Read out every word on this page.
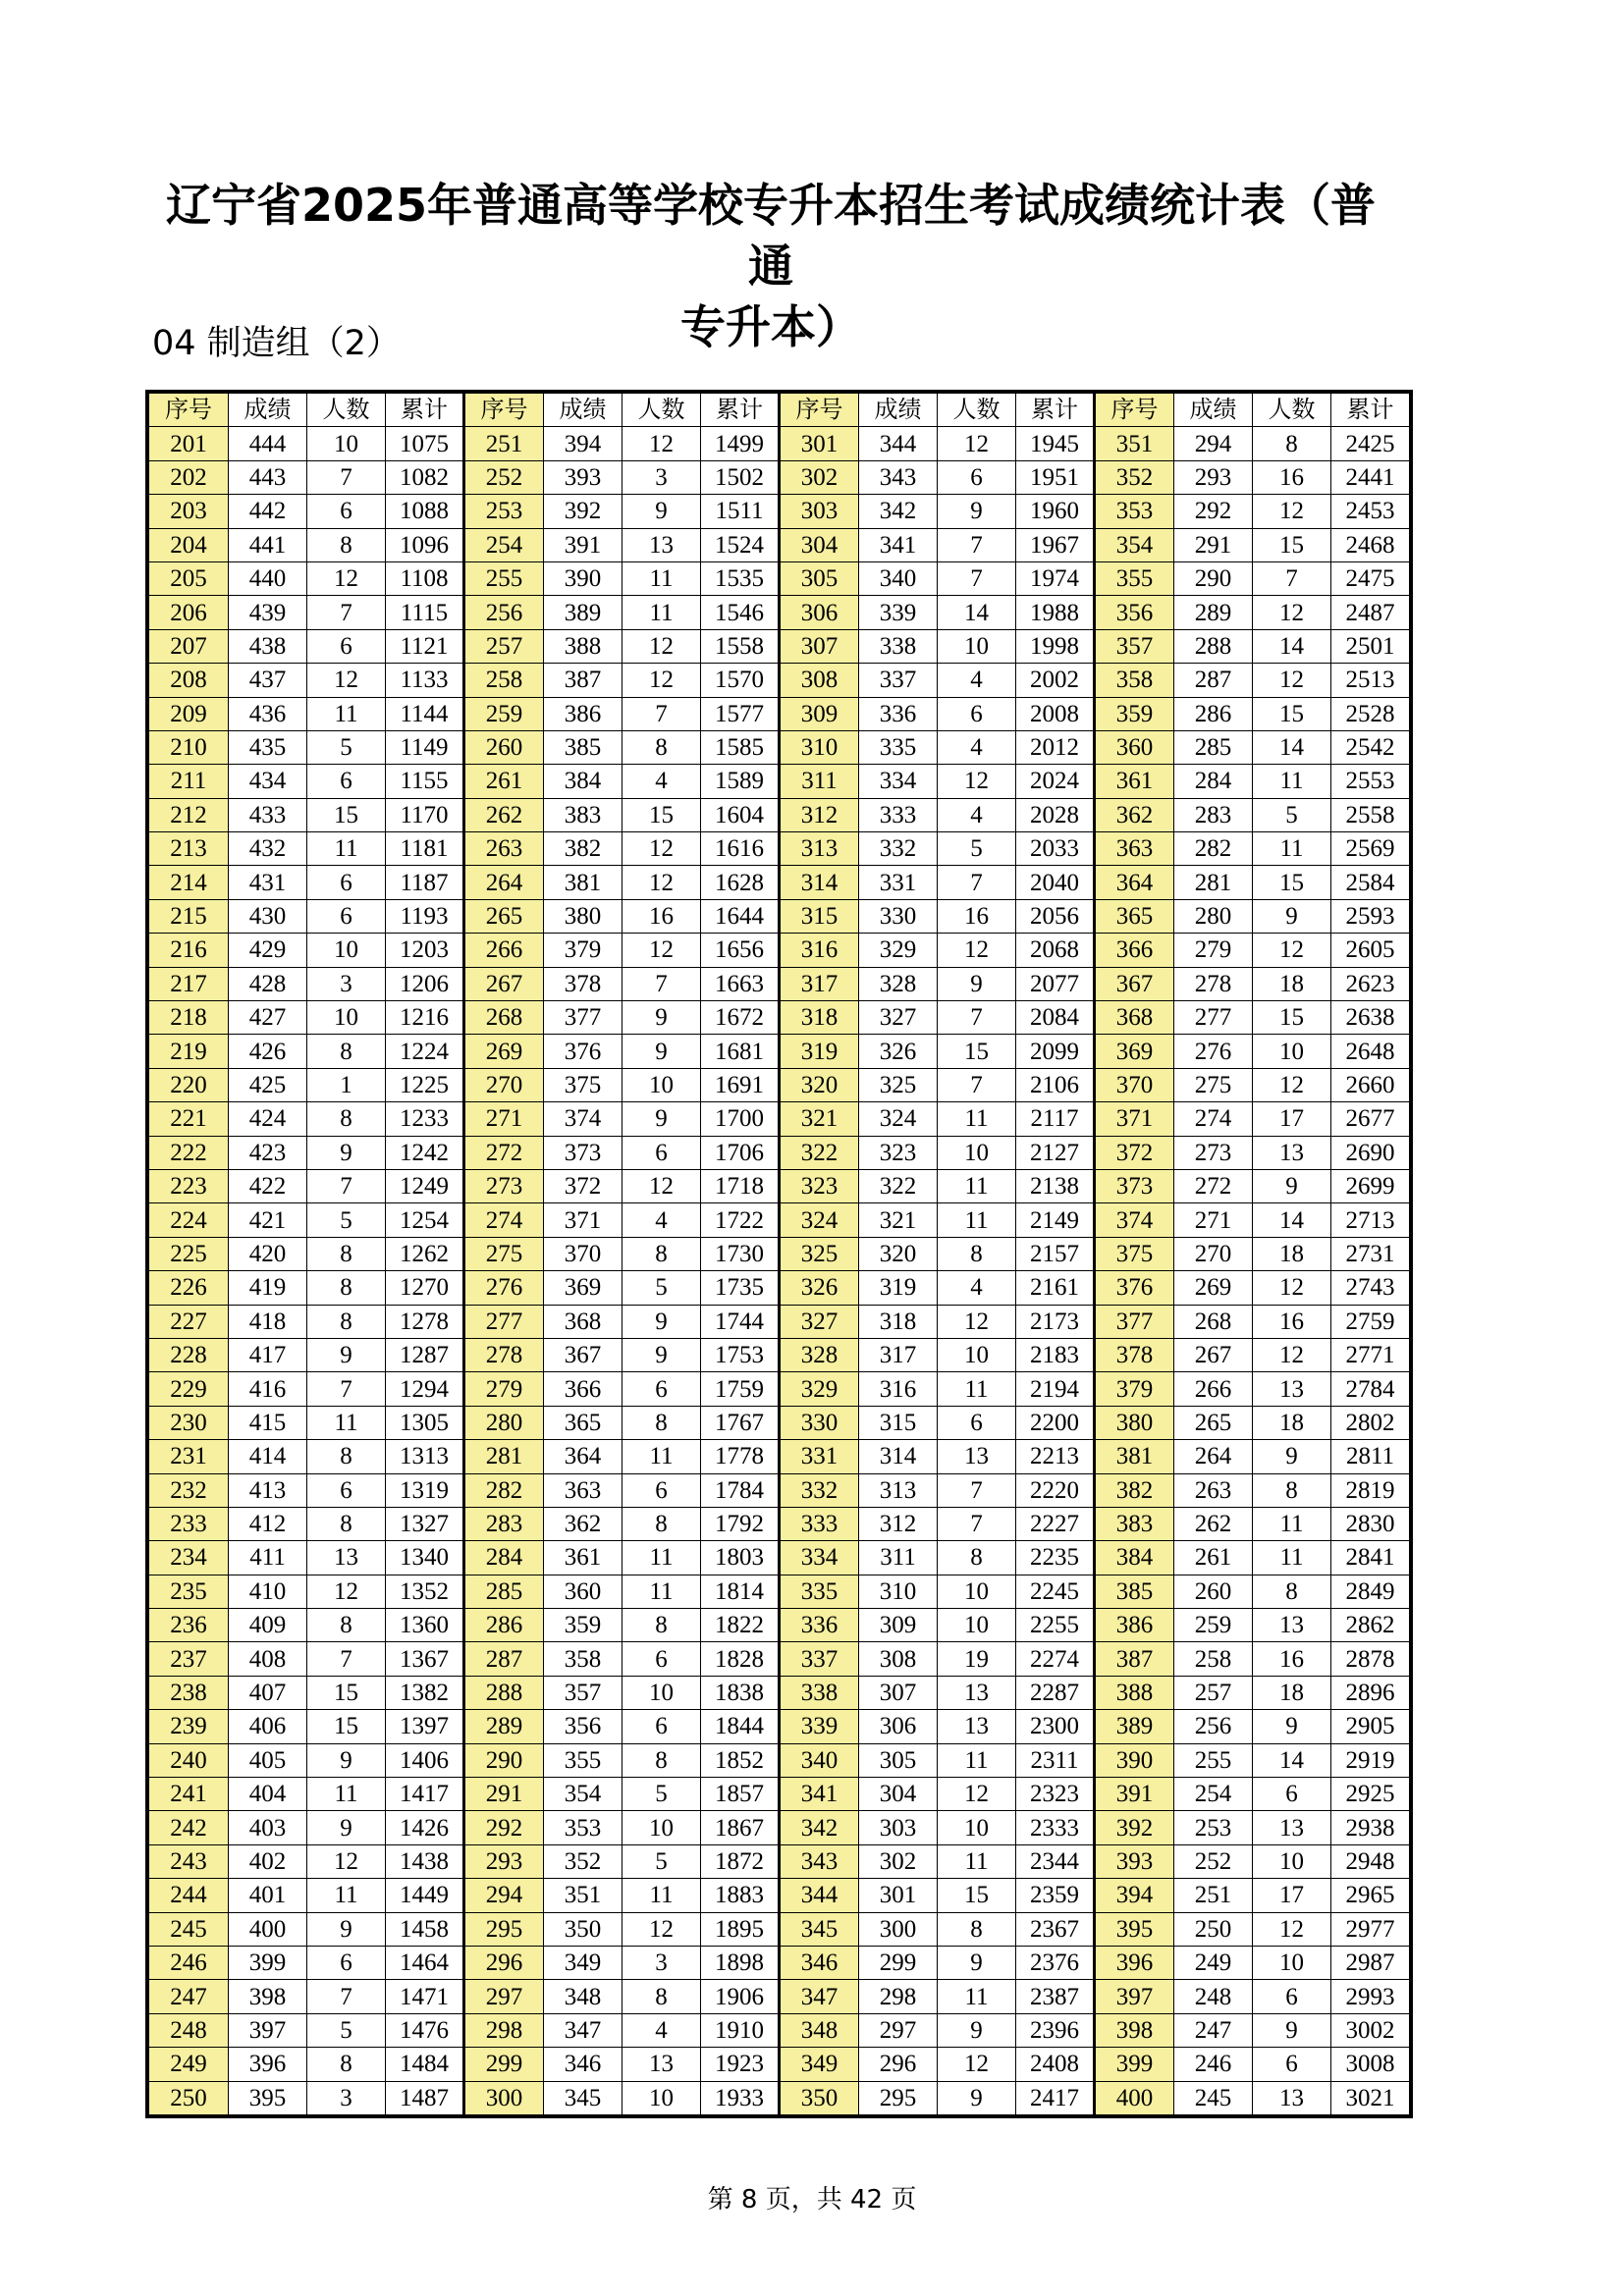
辽宁省2025年普通高等学校专升本招生考试成绩统计表（普通
专升本）
04 制造组（2）
序号	成绩	人数	累计	序号	成绩	人数	累计	序号	成绩	人数	累计	序号	成绩	人数	累计
201	444	10	1075	251	394	12	1499	301	344	12	1945	351	294	8	2425
202	443	7	1082	252	393	3	1502	302	343	6	1951	352	293	16	2441
203	442	6	1088	253	392	9	1511	303	342	9	1960	353	292	12	2453
204	441	8	1096	254	391	13	1524	304	341	7	1967	354	291	15	2468
205	440	12	1108	255	390	11	1535	305	340	7	1974	355	290	7	2475
206	439	7	1115	256	389	11	1546	306	339	14	1988	356	289	12	2487
207	438	6	1121	257	388	12	1558	307	338	10	1998	357	288	14	2501
208	437	12	1133	258	387	12	1570	308	337	4	2002	358	287	12	2513
209	436	11	1144	259	386	7	1577	309	336	6	2008	359	286	15	2528
210	435	5	1149	260	385	8	1585	310	335	4	2012	360	285	14	2542
211	434	6	1155	261	384	4	1589	311	334	12	2024	361	284	11	2553
212	433	15	1170	262	383	15	1604	312	333	4	2028	362	283	5	2558
213	432	11	1181	263	382	12	1616	313	332	5	2033	363	282	11	2569
214	431	6	1187	264	381	12	1628	314	331	7	2040	364	281	15	2584
215	430	6	1193	265	380	16	1644	315	330	16	2056	365	280	9	2593
216	429	10	1203	266	379	12	1656	316	329	12	2068	366	279	12	2605
217	428	3	1206	267	378	7	1663	317	328	9	2077	367	278	18	2623
218	427	10	1216	268	377	9	1672	318	327	7	2084	368	277	15	2638
219	426	8	1224	269	376	9	1681	319	326	15	2099	369	276	10	2648
220	425	1	1225	270	375	10	1691	320	325	7	2106	370	275	12	2660
221	424	8	1233	271	374	9	1700	321	324	11	2117	371	274	17	2677
222	423	9	1242	272	373	6	1706	322	323	10	2127	372	273	13	2690
223	422	7	1249	273	372	12	1718	323	322	11	2138	373	272	9	2699
224	421	5	1254	274	371	4	1722	324	321	11	2149	374	271	14	2713
225	420	8	1262	275	370	8	1730	325	320	8	2157	375	270	18	2731
226	419	8	1270	276	369	5	1735	326	319	4	2161	376	269	12	2743
227	418	8	1278	277	368	9	1744	327	318	12	2173	377	268	16	2759
228	417	9	1287	278	367	9	1753	328	317	10	2183	378	267	12	2771
229	416	7	1294	279	366	6	1759	329	316	11	2194	379	266	13	2784
230	415	11	1305	280	365	8	1767	330	315	6	2200	380	265	18	2802
231	414	8	1313	281	364	11	1778	331	314	13	2213	381	264	9	2811
232	413	6	1319	282	363	6	1784	332	313	7	2220	382	263	8	2819
233	412	8	1327	283	362	8	1792	333	312	7	2227	383	262	11	2830
234	411	13	1340	284	361	11	1803	334	311	8	2235	384	261	11	2841
235	410	12	1352	285	360	11	1814	335	310	10	2245	385	260	8	2849
236	409	8	1360	286	359	8	1822	336	309	10	2255	386	259	13	2862
237	408	7	1367	287	358	6	1828	337	308	19	2274	387	258	16	2878
238	407	15	1382	288	357	10	1838	338	307	13	2287	388	257	18	2896
239	406	15	1397	289	356	6	1844	339	306	13	2300	389	256	9	2905
240	405	9	1406	290	355	8	1852	340	305	11	2311	390	255	14	2919
241	404	11	1417	291	354	5	1857	341	304	12	2323	391	254	6	2925
242	403	9	1426	292	353	10	1867	342	303	10	2333	392	253	13	2938
243	402	12	1438	293	352	5	1872	343	302	11	2344	393	252	10	2948
244	401	11	1449	294	351	11	1883	344	301	15	2359	394	251	17	2965
245	400	9	1458	295	350	12	1895	345	300	8	2367	395	250	12	2977
246	399	6	1464	296	349	3	1898	346	299	9	2376	396	249	10	2987
247	398	7	1471	297	348	8	1906	347	298	11	2387	397	248	6	2993
248	397	5	1476	298	347	4	1910	348	297	9	2396	398	247	9	3002
249	396	8	1484	299	346	13	1923	349	296	12	2408	399	246	6	3008
250	395	3	1487	300	345	10	1933	350	295	9	2417	400	245	13	3021
第 8 页，共 42 页
